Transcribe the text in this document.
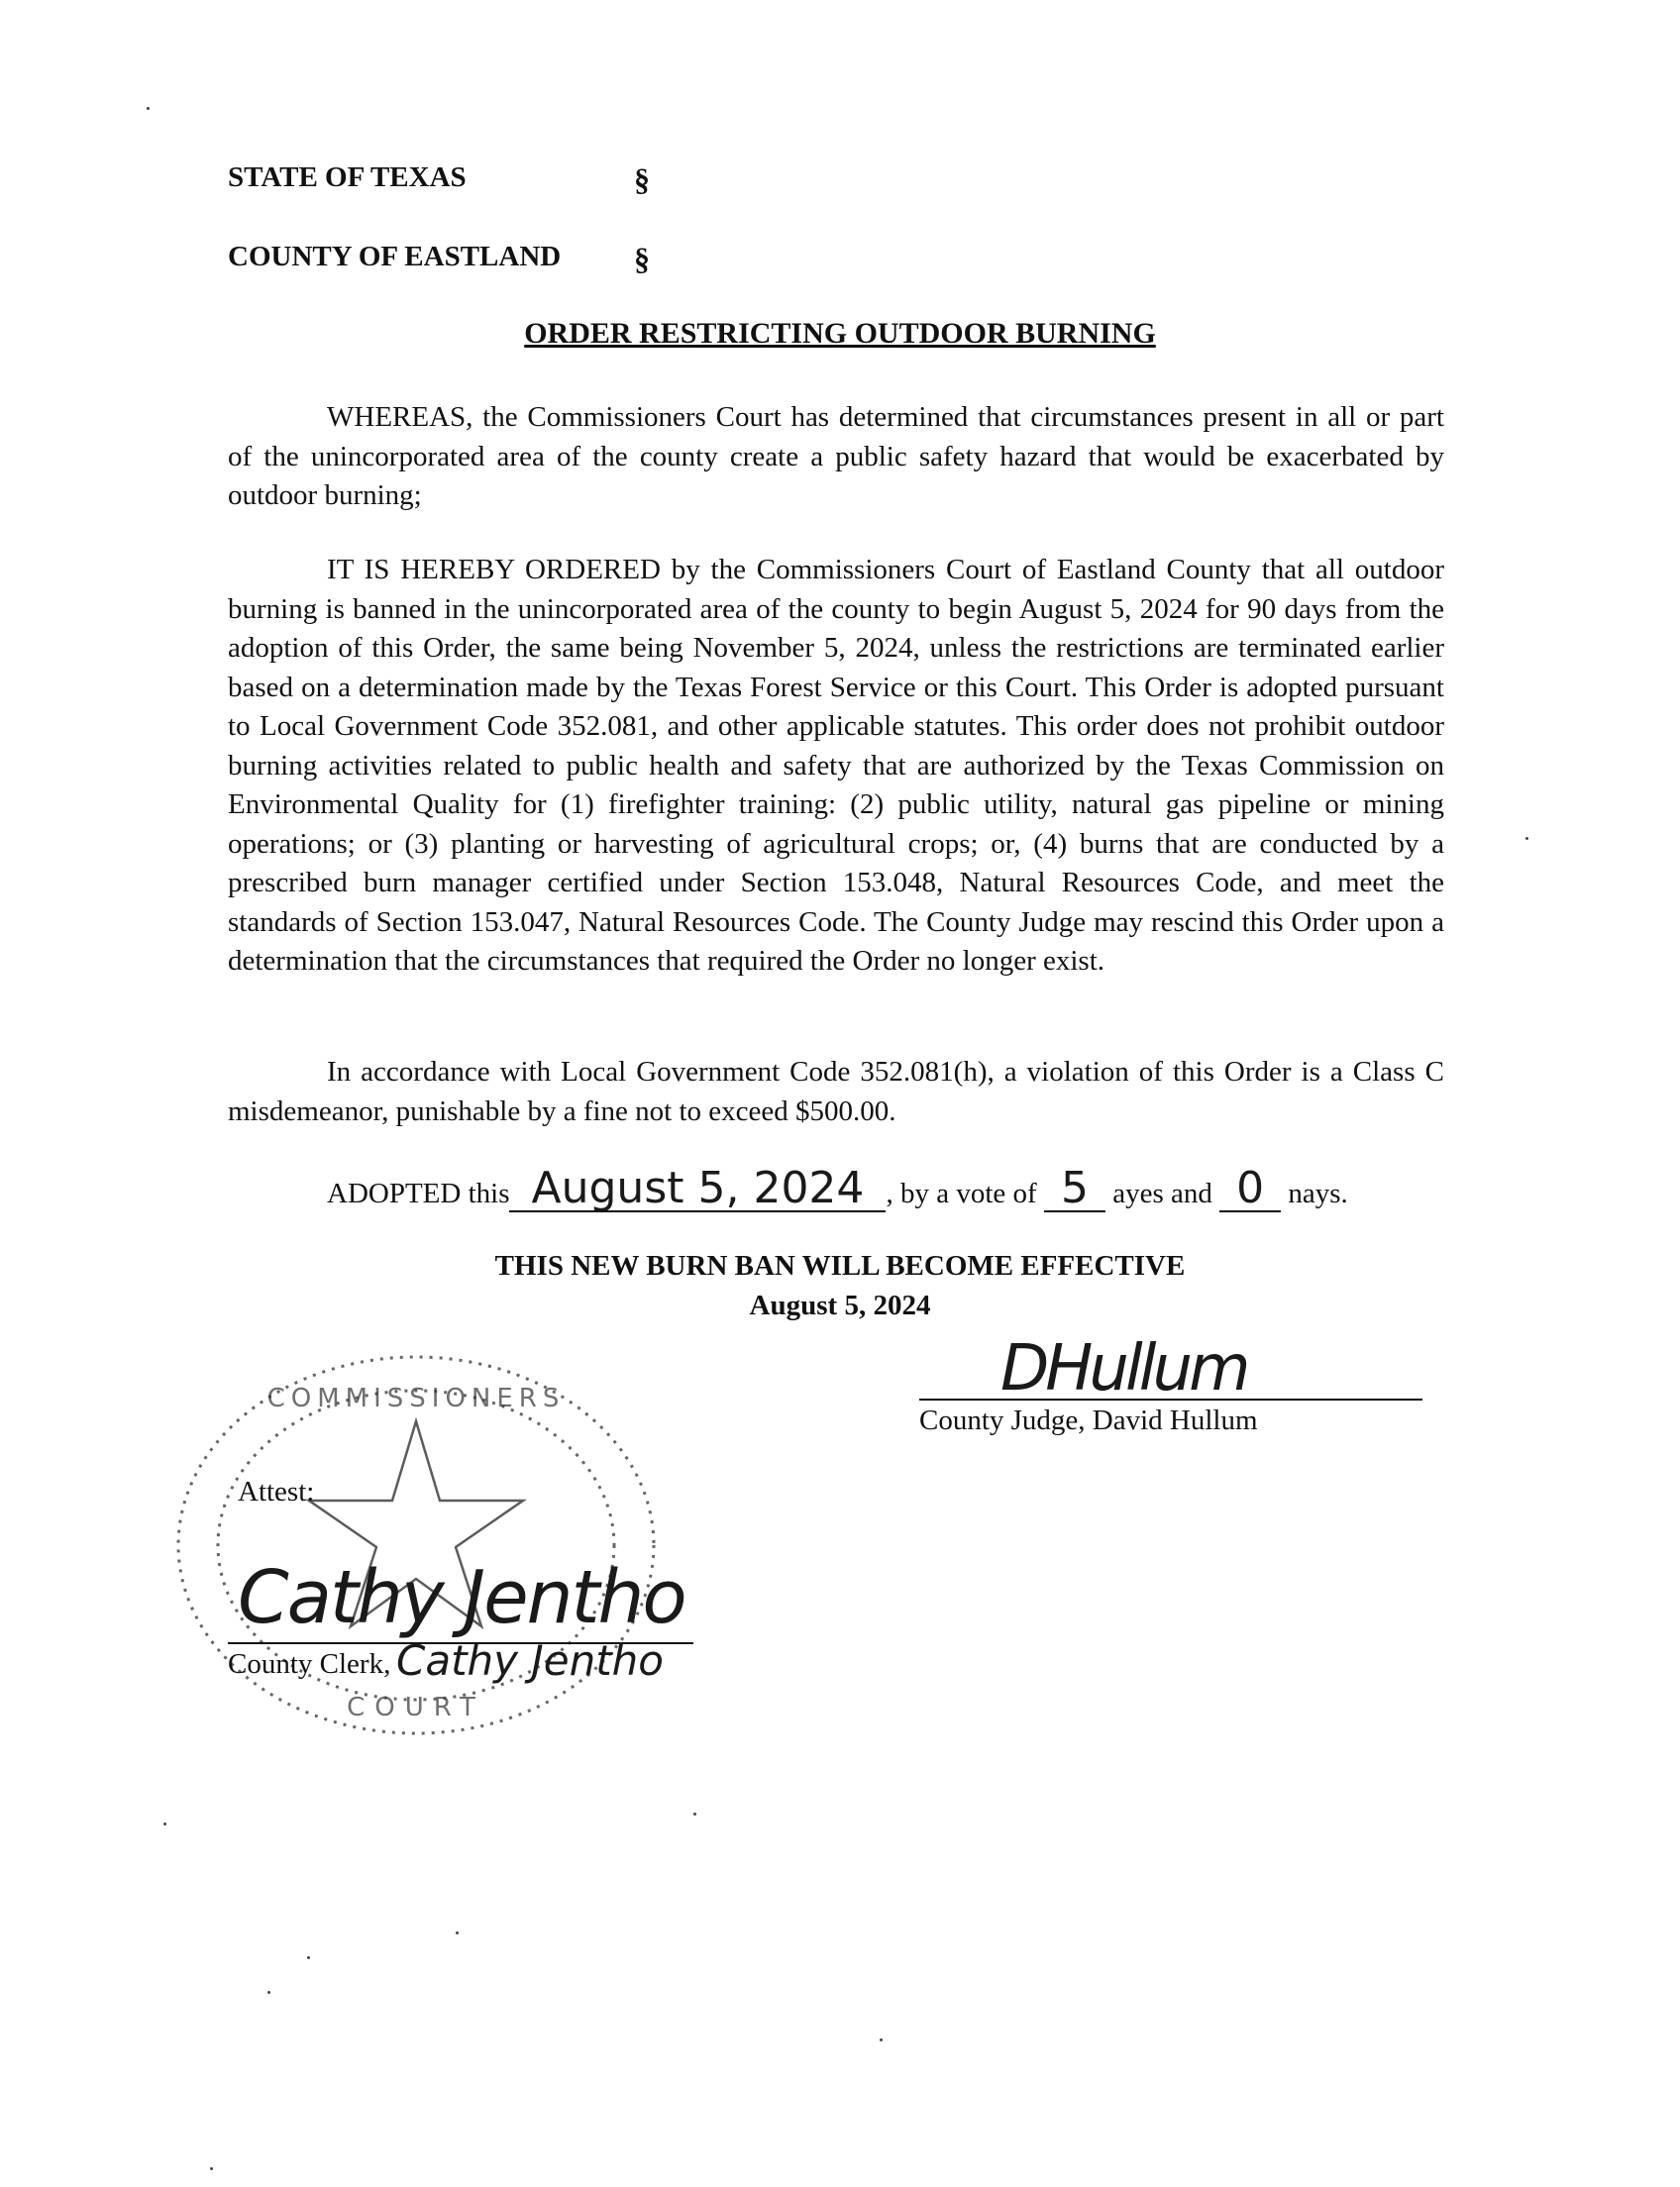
STATE OF TEXAS	§
COUNTY OF EASTLAND §
ORDER RESTRICTING OUTDOOR BURNING
WHEREAS, the Commissioners Court has determined that circumstances present in all or part of the unincorporated area of the county create a public safety hazard that would be exacerbated by outdoor burning;
IT IS HEREBY ORDERED by the Commissioners Court of Eastland County that all outdoor burning is banned in the unincorporated area of the county to begin August 5, 2024 for 90 days from the adoption of this Order, the same being November 5, 2024, unless the restrictions are terminated earlier based on a determination made by the Texas Forest Service or this Court. This Order is adopted pursuant to Local Government Code 352.081, and other applicable statutes. This order does not prohibit outdoor burning activities related to public health and safety that are authorized by the Texas Commission on Environmental Quality for (1) firefighter training: (2) public utility, natural gas pipeline or mining operations; or (3) planting or harvesting of agricultural crops; or, (4) burns that are conducted by a prescribed burn manager certified under Section 153.048, Natural Resources Code, and meet the standards of Section 153.047, Natural Resources Code. The County Judge may rescind this Order upon a determination that the circumstances that required the Order no longer exist.
In accordance with Local Government Code 352.081(h), a violation of this Order is a Class C misdemeanor, punishable by a fine not to exceed $500.00.
ADOPTED this August 5, 2024 , by a vote of 5 ayes and 0 nays.
THIS NEW BURN BAN WILL BECOME EFFECTIVE
August 5, 2024
DHullum
County Judge, David Hullum
COMMISSIONERS
COURT
Attest:
Cathy Jentho
County Clerk, Cathy Jentho
